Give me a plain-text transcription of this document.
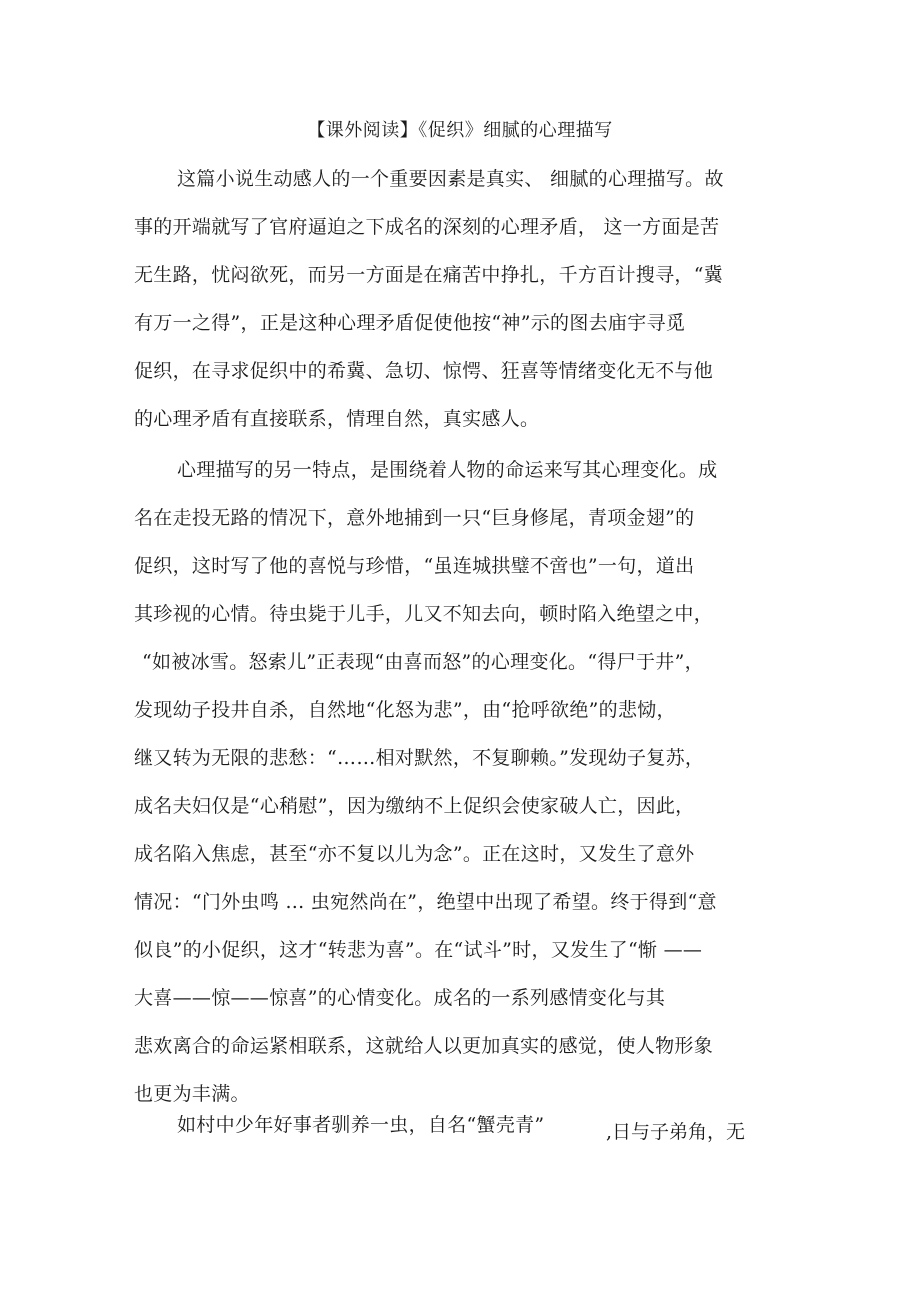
【课外阅读】《促织》细腻的心理描写
这篇小说生动感人的一个重要因素是真实、 细腻的心理描写。故
事的开端就写了官府逼迫之下成名的深刻的心理矛盾， 这一方面是苦
无生路，忧闷欲死，而另一方面是在痛苦中挣扎，千方百计搜寻，“冀
有万一之得”，正是这种心理矛盾促使他按“神”示的图去庙宇寻觅
促织，在寻求促织中的希冀、急切、惊愕、狂喜等情绪变化无不与他
的心理矛盾有直接联系，情理自然，真实感人。
心理描写的另一特点，是围绕着人物的命运来写其心理变化。成
名在走投无路的情况下，意外地捕到一只“巨身修尾，青项金翅”的
促织，这时写了他的喜悦与珍惜，“虽连城拱璧不啻也”一句，道出
其珍视的心情。待虫毙于儿手，儿又不知去向，顿时陷入绝望之中，
“如被冰雪。怒索儿”正表现“由喜而怒”的心理变化。“得尸于井”，
发现幼子投井自杀，自然地“化怒为悲”，由“抢呼欲绝”的悲恸，
继又转为无限的悲愁：“……相对默然，不复聊赖。”发现幼子复苏，
成名夫妇仅是“心稍慰”，因为缴纳不上促织会使家破人亡，因此，
成名陷入焦虑，甚至“亦不复以儿为念”。正在这时，又发生了意外
情况：“门外虫鸣 ... 虫宛然尚在”，绝望中出现了希望。终于得到“意
似良”的小促织，这才“转悲为喜”。在“试斗”时，又发生了“惭 ——
大喜——惊——惊喜”的心情变化。成名的一系列感情变化与其
悲欢离合的命运紧相联系，这就给人以更加真实的感觉，使人物形象
也更为丰满。
如村中少年好事者驯养一虫，自名“蟹壳青”	,日与子弟角，无
